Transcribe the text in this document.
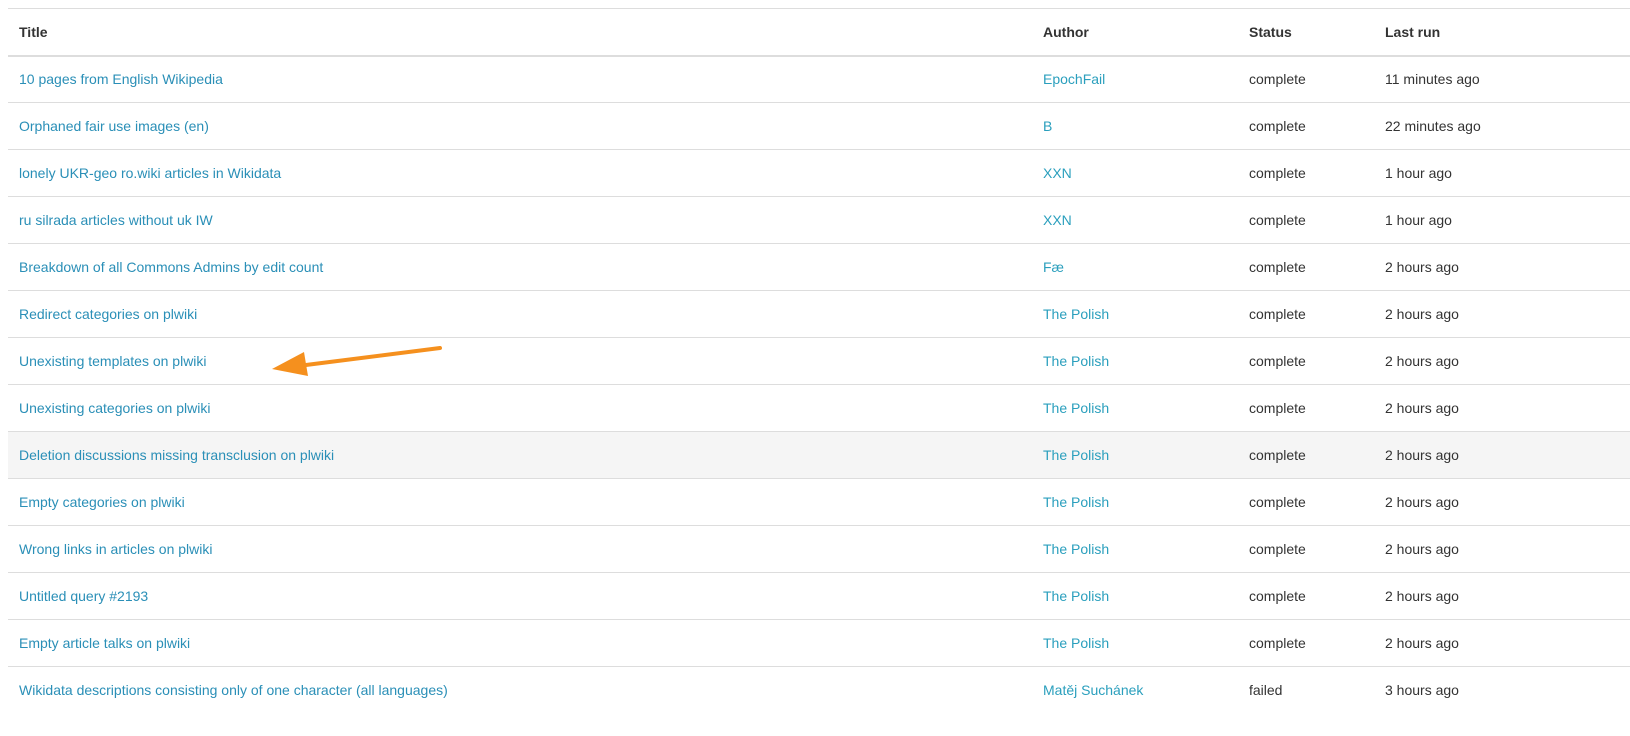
Title	Author	Status	Last run
10 pages from English Wikipedia	EpochFail	complete	11 minutes ago
Orphaned fair use images (en)	B	complete	22 minutes ago
lonely UKR-geo ro.wiki articles in Wikidata	XXN	complete	1 hour ago
ru silrada articles without uk IW	XXN	complete	1 hour ago
Breakdown of all Commons Admins by edit count	Fæ	complete	2 hours ago
Redirect categories on plwiki	The Polish	complete	2 hours ago
Unexisting templates on plwiki	The Polish	complete	2 hours ago
Unexisting categories on plwiki	The Polish	complete	2 hours ago
Deletion discussions missing transclusion on plwiki	The Polish	complete	2 hours ago
Empty categories on plwiki	The Polish	complete	2 hours ago
Wrong links in articles on plwiki	The Polish	complete	2 hours ago
Untitled query #2193	The Polish	complete	2 hours ago
Empty article talks on plwiki	The Polish	complete	2 hours ago
Wikidata descriptions consisting only of one character (all languages)	Matěj Suchánek	failed	3 hours ago
